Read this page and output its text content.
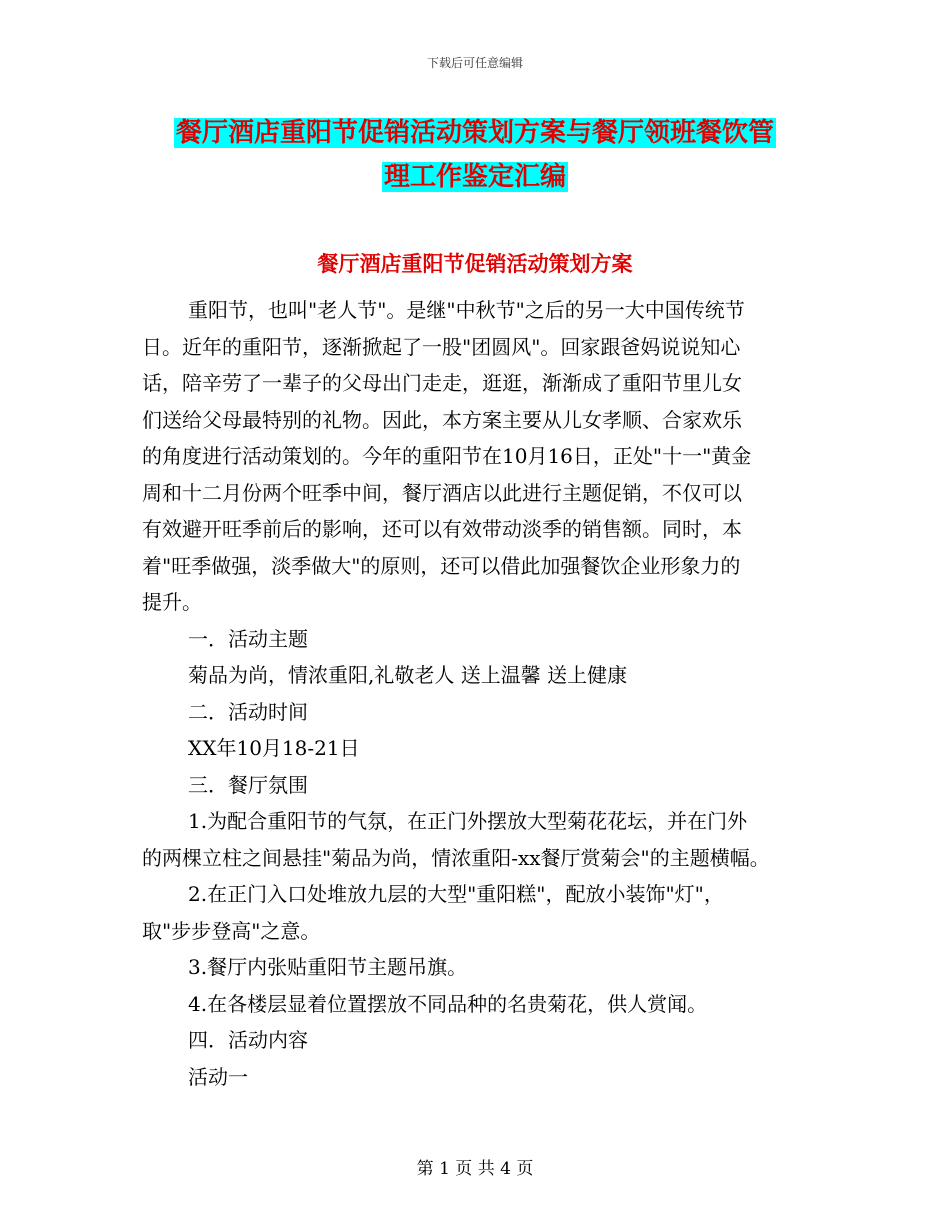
下载后可任意编辑
餐厅酒店重阳节促销活动策划方案与餐厅领班餐饮管
理工作鉴定汇编
餐厅酒店重阳节促销活动策划方案
重阳节，也叫"老人节"。是继"中秋节"之后的另一大中国传统节
日。近年的重阳节，逐渐掀起了一股"团圆风"。回家跟爸妈说说知心
话，陪辛劳了一辈子的父母出门走走，逛逛，渐渐成了重阳节里儿女
们送给父母最特别的礼物。因此，本方案主要从儿女孝顺、合家欢乐
的角度进行活动策划的。今年的重阳节在10月16日，正处"十一"黄金
周和十二月份两个旺季中间，餐厅酒店以此进行主题促销，不仅可以
有效避开旺季前后的影响，还可以有效带动淡季的销售额。同时，本
着"旺季做强，淡季做大"的原则，还可以借此加强餐饮企业形象力的
提升。
一．活动主题
菊品为尚，情浓重阳,礼敬老人 送上温馨 送上健康
二．活动时间
XX年10月18-21日
三．餐厅氛围
1.为配合重阳节的气氛，在正门外摆放大型菊花花坛，并在门外
的两棵立柱之间悬挂"菊品为尚，情浓重阳-xx餐厅赏菊会"的主题横幅。
2.在正门入口处堆放九层的大型"重阳糕"，配放小装饰"灯"，
取"步步登高"之意。
3.餐厅内张贴重阳节主题吊旗。
4.在各楼层显着位置摆放不同品种的名贵菊花，供人赏闻。
四．活动内容
活动一
第 1 页 共 4 页
